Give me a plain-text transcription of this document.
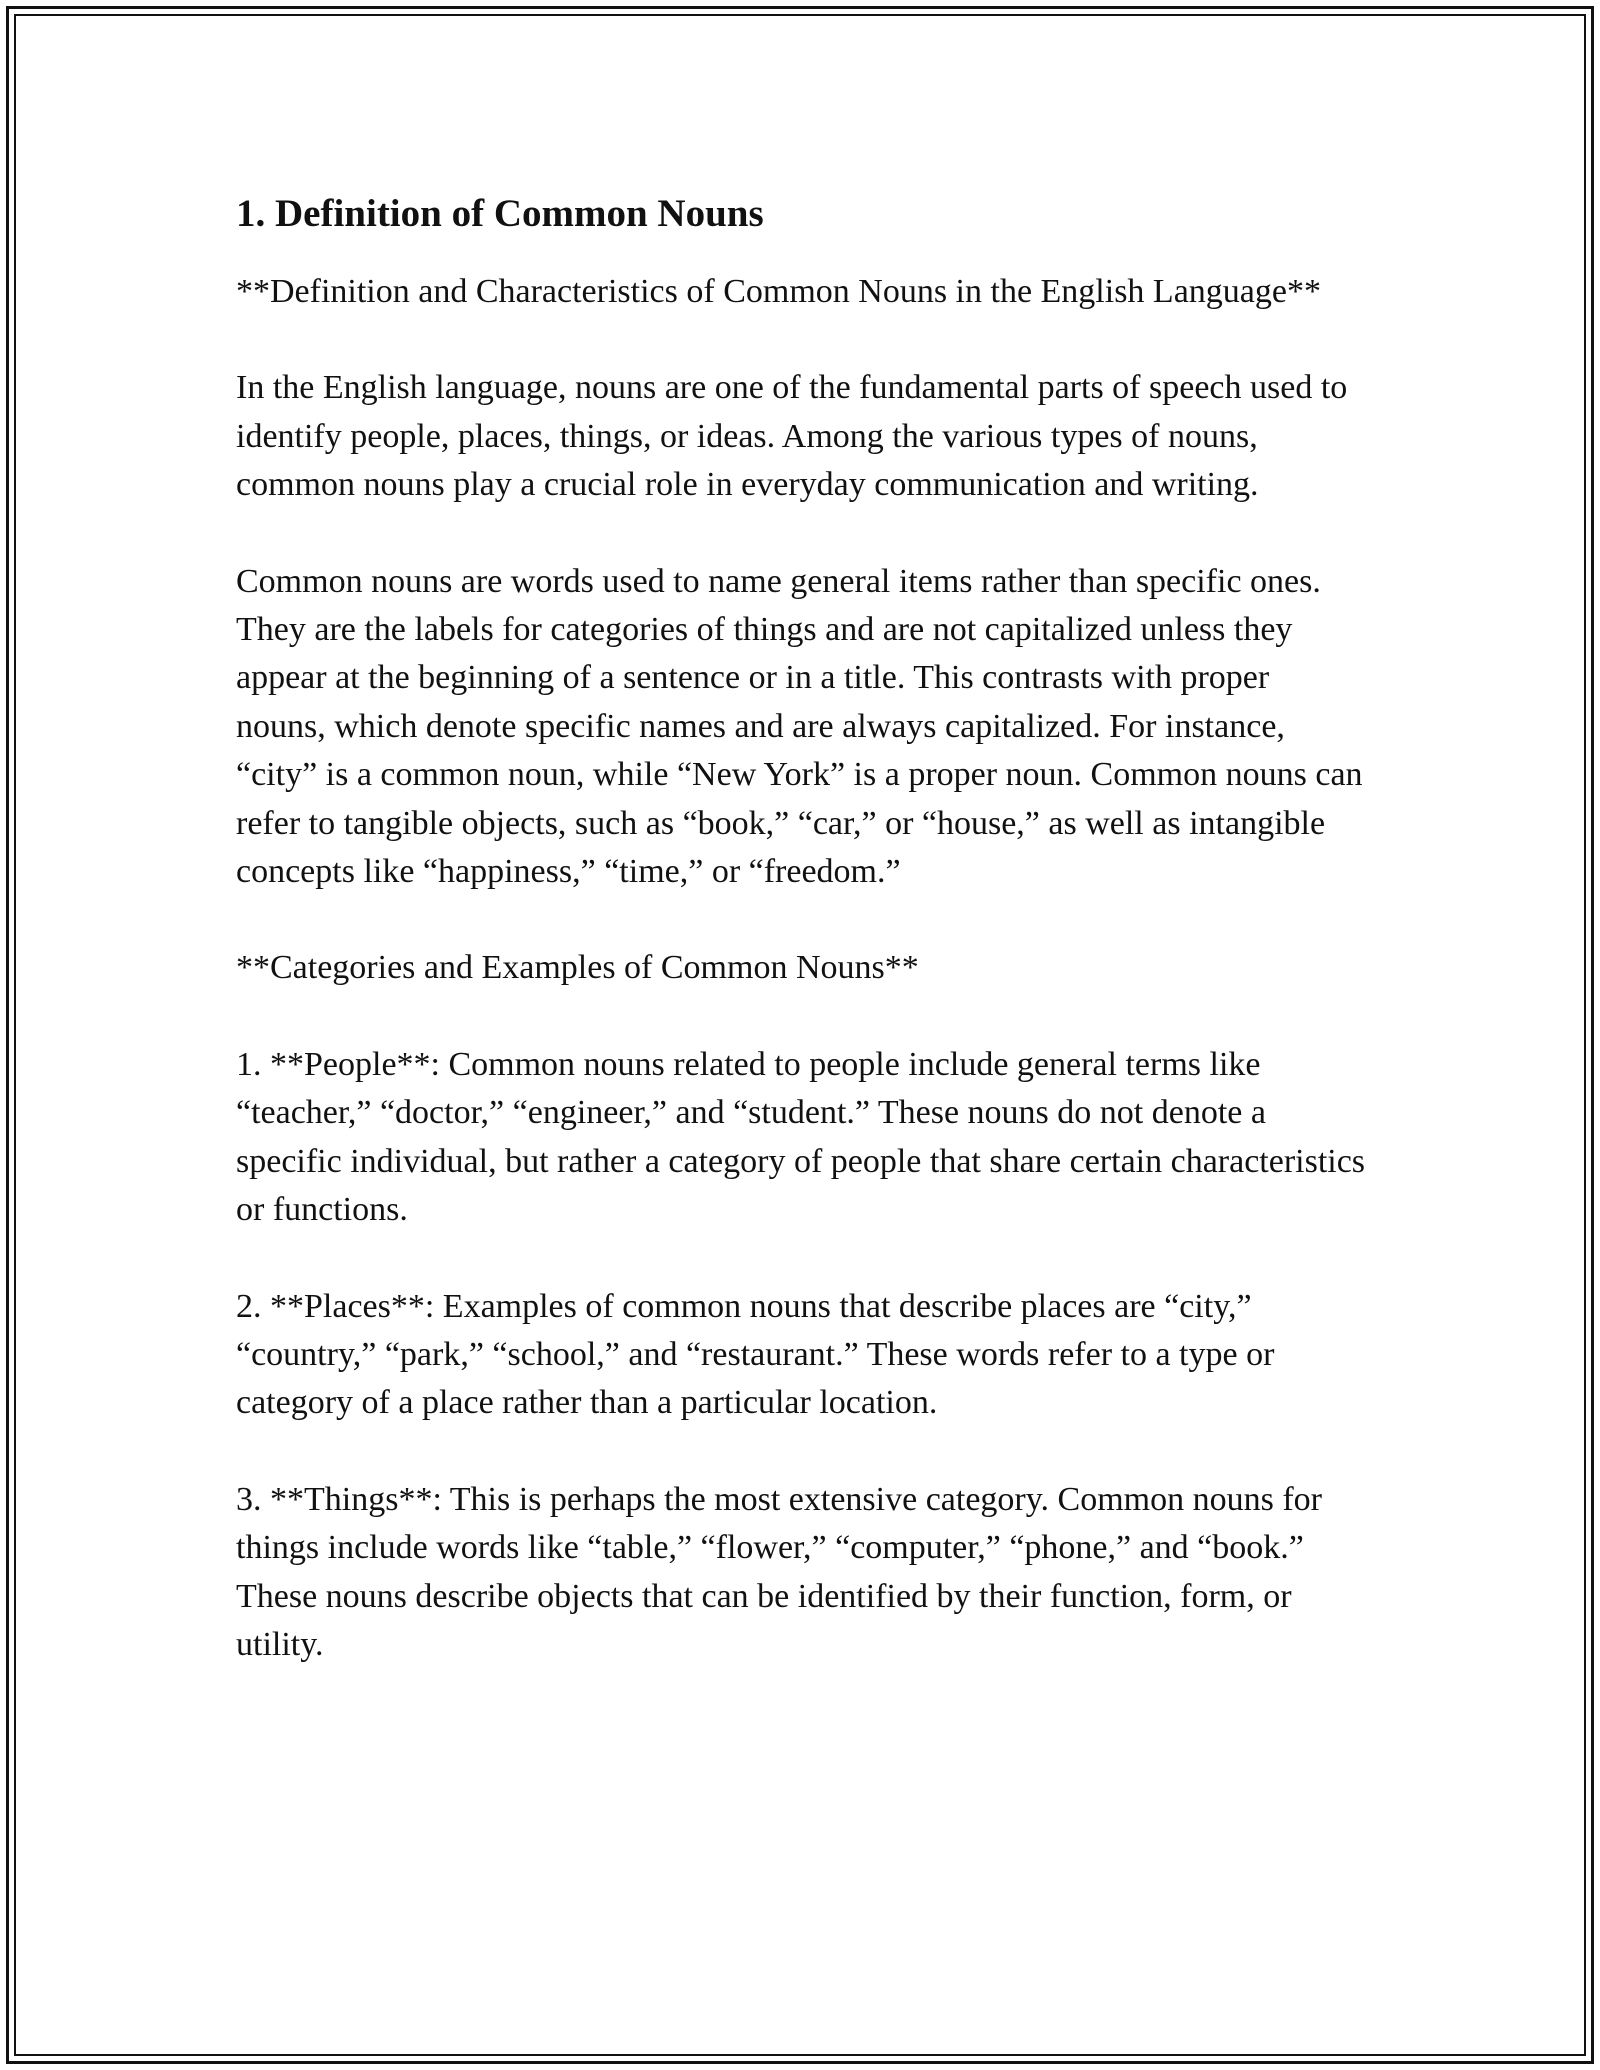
1. Definition of Common Nouns

**Definition and Characteristics of Common Nouns in the English Language**

In the English language, nouns are one of the fundamental parts of speech used to identify people, places, things, or ideas. Among the various types of nouns, common nouns play a crucial role in everyday communication and writing.

Common nouns are words used to name general items rather than specific ones. They are the labels for categories of things and are not capitalized unless they appear at the beginning of a sentence or in a title. This contrasts with proper nouns, which denote specific names and are always capitalized. For instance, “city” is a common noun, while “New York” is a proper noun. Common nouns can refer to tangible objects, such as “book,” “car,” or “house,” as well as intangible concepts like “happiness,” “time,” or “freedom.”

**Categories and Examples of Common Nouns**

1. **People**: Common nouns related to people include general terms like “teacher,” “doctor,” “engineer,” and “student.” These nouns do not denote a specific individual, but rather a category of people that share certain characteristics or functions.

2. **Places**: Examples of common nouns that describe places are “city,” “country,” “park,” “school,” and “restaurant.” These words refer to a type or category of a place rather than a particular location.

3. **Things**: This is perhaps the most extensive category. Common nouns for things include words like “table,” “flower,” “computer,” “phone,” and “book.” These nouns describe objects that can be identified by their function, form, or utility.
